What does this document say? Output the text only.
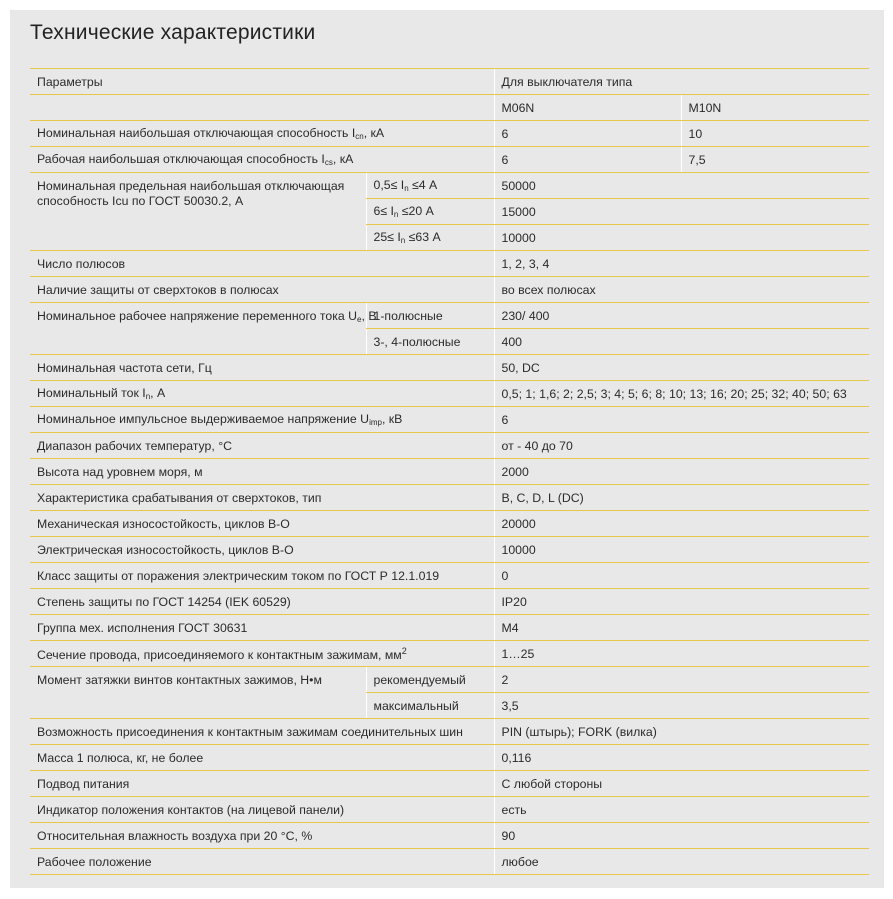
Технические характеристики
Параметры		Для выключателя типа	
		M06N	M10N
Номинальная наибольшая отключающая способность $I_{cn}$, кА		6	10
Рабочая наибольшая отключающая способность $I_{cs}$, кА		6	7,5
Номинальная предельная наибольшая отключающая способность Icu по ГОСТ 50030.2, А	$0,5\le I_n \le 4$ А	50000	
	$6\le I_n \le 20$ А	15000	
	$25\le I_n \le 63$ А	10000	
Число полюсов		1, 2, 3, 4	
Наличие защиты от сверхтоков в полюсах		во всех полюсах	
Номинальное рабочее напряжение переменного тока $U_e$, В	1-полюсные	230/ 400	
	3-, 4-полюсные	400	
Номинальная частота сети, Гц		50, DC	
Номинальный ток $I_n$, А		0,5; 1; 1,6; 2; 2,5; 3; 4; 5; 6; 8; 10; 13; 16; 20; 25; 32; 40; 50; 63	
Номинальное импульсное выдерживаемое напряжение $U_{imp}$, кВ		6	
Диапазон рабочих температур, °C		от - 40 до 70	
Высота над уровнем моря, м		2000	
Характеристика срабатывания от сверхтоков, тип		B, C, D, L (DC)	
Механическая износостойкость, циклов В-О		20000	
Электрическая износостойкость, циклов В-О		10000	
Класс защиты от поражения электрическим током по ГОСТ Р 12.1.019		0	
Степень защиты по ГОСТ 14254 (IEK 60529)		IP20	
Группа мех. исполнения ГОСТ 30631		М4	
Сечение провода, присоединяемого к контактным зажимам, $мм^2$		1…25	
Момент затяжки винтов контактных зажимов, Н•м	рекомендуемый	2	
	максимальный	3,5	
Возможность присоединения к контактным зажимам соединительных шин		PIN (штырь); FORK (вилка)	
Масса 1 полюса, кг, не более		0,116	
Подвод питания		С любой стороны	
Индикатор положения контактов (на лицевой панели)		есть	
Относительная влажность воздуха при 20 °С, %		90	
Рабочее положение		любое	
